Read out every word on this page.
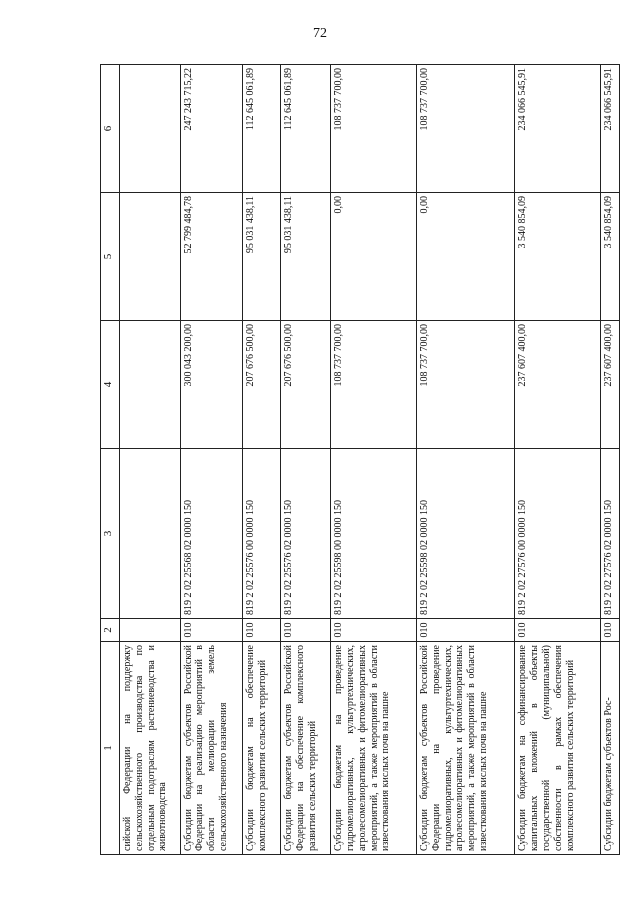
72
1	2	3	4	5	6
сийской Федерации на поддержку сельскохозяйственного производства по отдельным подотраслям растениеводства и животноводства					
Субсидии бюджетам субъектов Российской Федерации на реализацию мероприятий в области мелиорации земель сельскохозяйственного назначения	010	819 2 02 25568 02 0000 150	300 043 200,00	52 799 484,78	247 243 715,22
Субсидии бюджетам на обеспечение комплексного развития сельских территорий	010	819 2 02 25576 00 0000 150	207 676 500,00	95 031 438,11	112 645 061,89
Субсидии бюджетам субъектов Российской Федерации на обеспечение комплексного развития сельских территорий	010	819 2 02 25576 02 0000 150	207 676 500,00	95 031 438,11	112 645 061,89
Субсидии бюджетам на проведение гидромелиоративных, культуртехнических, агролесомелиоративных и фитомелиоративных мероприятий, а также мероприятий в области известкования кислых почв на пашне	010	819 2 02 25598 00 0000 150	108 737 700,00	0,00	108 737 700,00
Субсидии бюджетам субъектов Российской Федерации на проведение гидромелиоративных, культуртехнических, агролесомелиоративных и фитомелиоративных мероприятий, а также мероприятий в области известкования кислых почв на пашне	010	819 2 02 25598 02 0000 150	108 737 700,00	0,00	108 737 700,00
Субсидии бюджетам на софинансирование капитальных вложений в объекты государственной (муниципальной) собственности в рамках обеспечения комплексного развития сельских территорий	010	819 2 02 27576 00 0000 150	237 607 400,00	3 540 854,09	234 066 545,91
Субсидии бюджетам субъектов Рос-	010	819 2 02 27576 02 0000 150	237 607 400,00	3 540 854,09	234 066 545,91
